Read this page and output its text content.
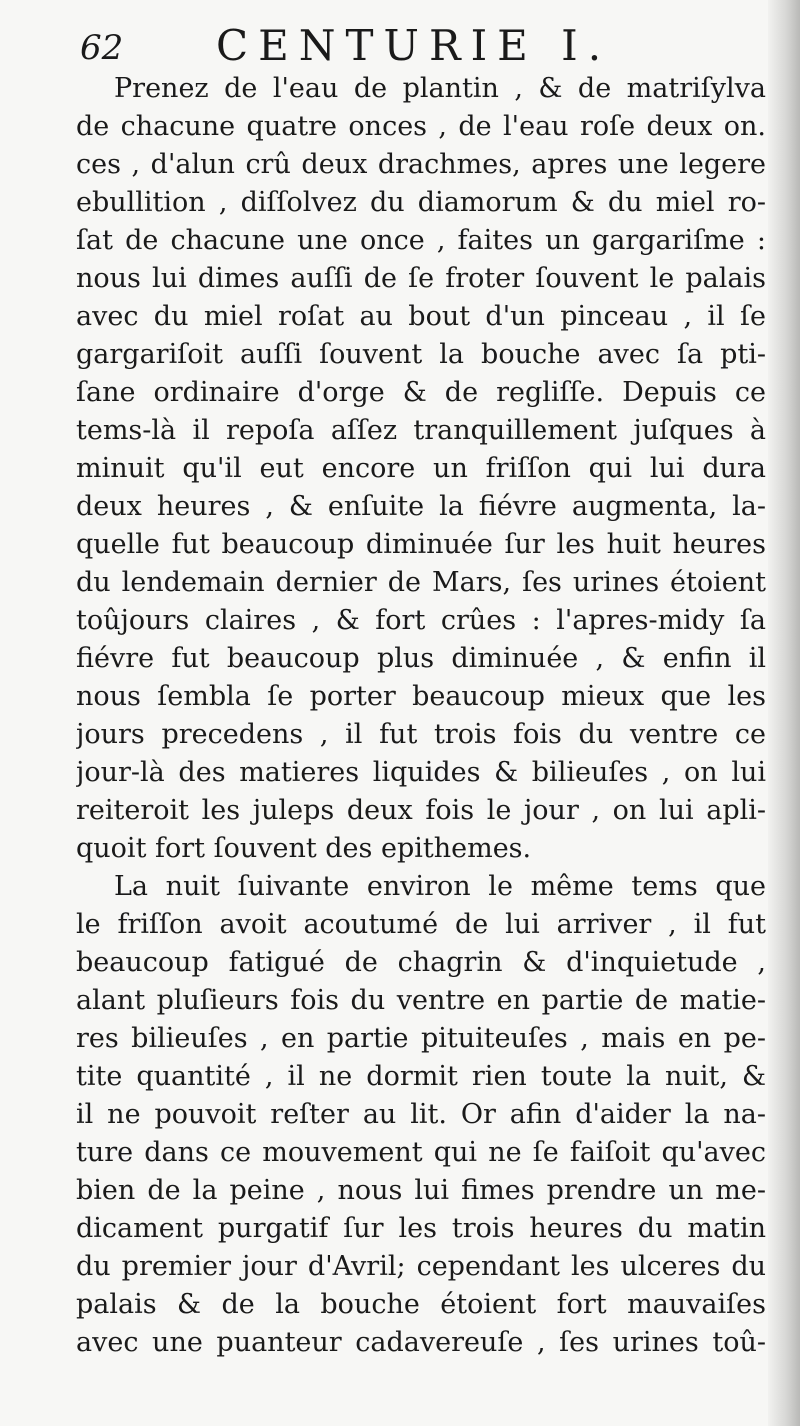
62 CENTURIE I.
Prenez de l'eau de plantin , & de matriſylva
de chacune quatre onces , de l'eau roſe deux on.
ces , d'alun crû deux drachmes, apres une legere
ebullition , diſſolvez du diamorum & du miel ro-
ſat de chacune une once , faites un gargariſme :
nous lui dimes auſſi de ſe froter ſouvent le palais
avec du miel roſat au bout d'un pinceau , il ſe
gargariſoit auſſi ſouvent la bouche avec ſa pti-
ſane ordinaire d'orge & de regliſſe. Depuis ce
tems-là il repoſa aſſez tranquillement juſques à
minuit qu'il eut encore un friſſon qui lui dura
deux heures , & enſuite la fiévre augmenta, la-
quelle fut beaucoup diminuée ſur les huit heures
du lendemain dernier de Mars, ſes urines étoient
toûjours claires , & fort crûes : l'apres-midy ſa
fiévre fut beaucoup plus diminuée , & enfin il
nous ſembla ſe porter beaucoup mieux que les
jours precedens , il fut trois fois du ventre ce
jour-là des matieres liquides & bilieuſes , on lui
reiteroit les juleps deux fois le jour , on lui apli-
quoit fort ſouvent des epithemes.
La nuit ſuivante environ le même tems que
le friſſon avoit acoutumé de lui arriver , il fut
beaucoup fatigué de chagrin & d'inquietude ,
alant pluſieurs fois du ventre en partie de matie-
res bilieuſes , en partie pituiteuſes , mais en pe-
tite quantité , il ne dormit rien toute la nuit, &
il ne pouvoit reſter au lit. Or afin d'aider la na-
ture dans ce mouvement qui ne ſe faiſoit qu'avec
bien de la peine , nous lui fimes prendre un me-
dicament purgatif ſur les trois heures du matin
du premier jour d'Avril; cependant les ulceres du
palais & de la bouche étoient fort mauvaiſes
avec une puanteur cadavereuſe , ſes urines toû-
